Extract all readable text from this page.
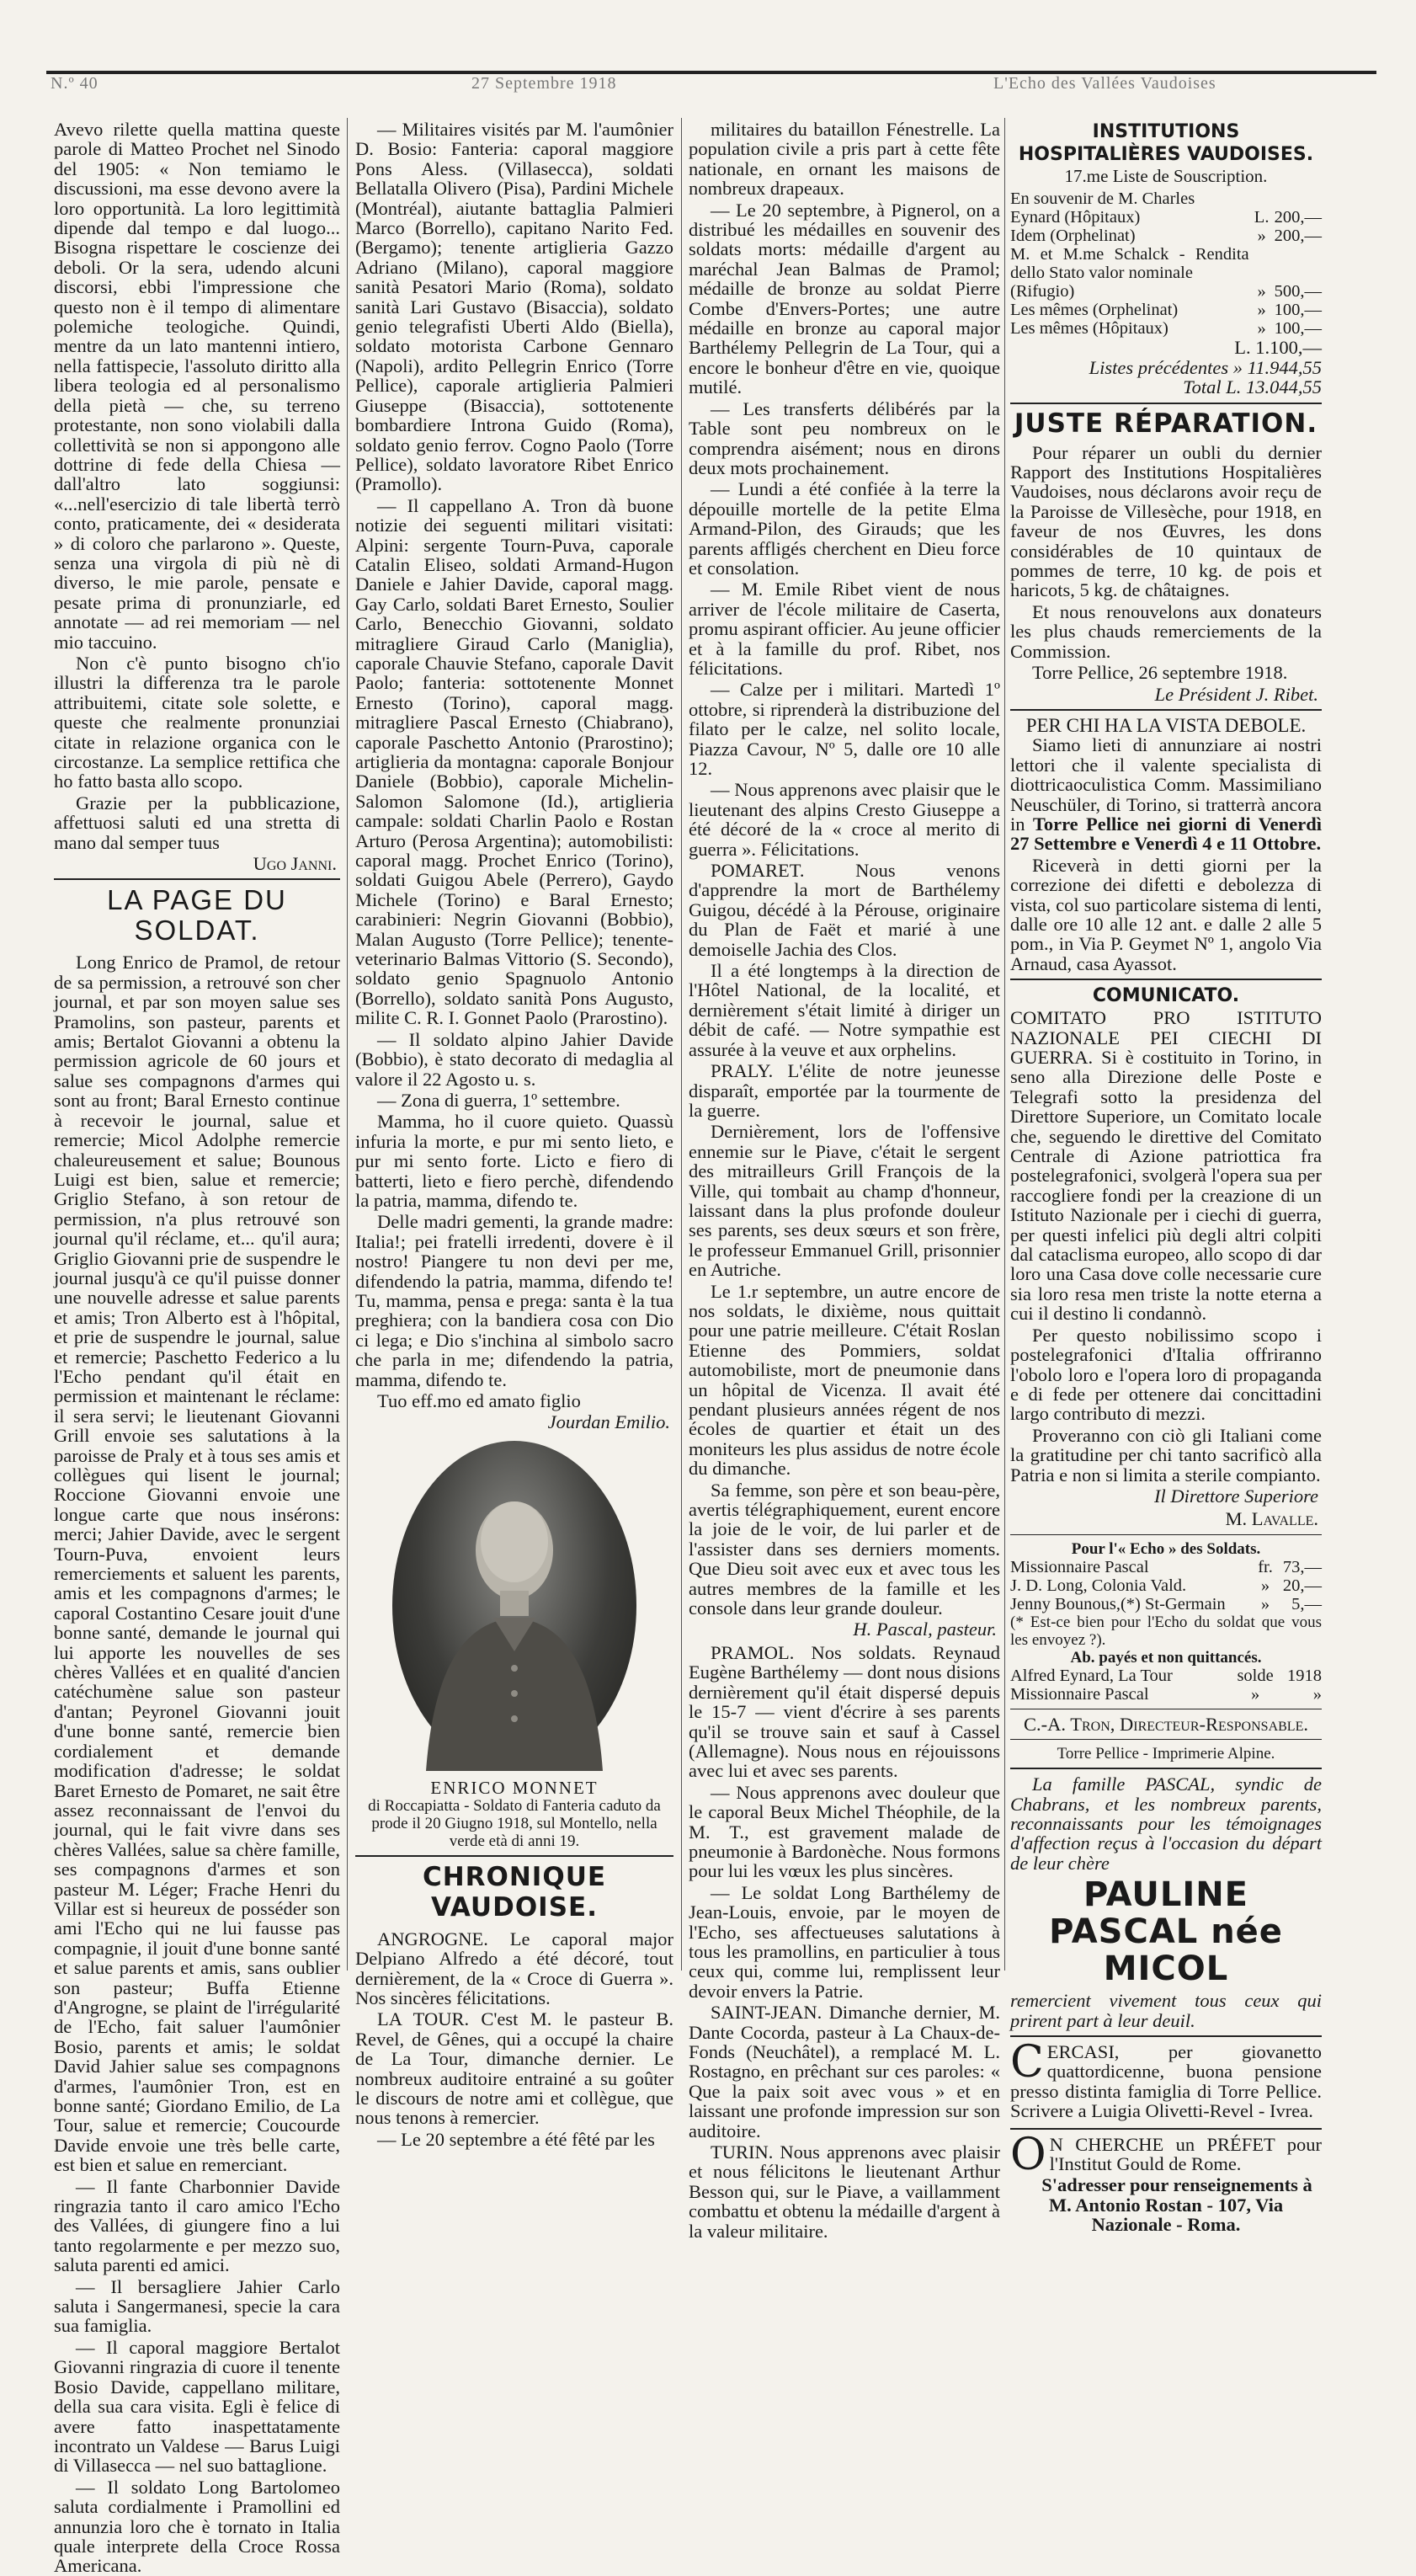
N.º 40	27 Septembre 1918	L'Echo des Vallées Vaudoises

Avevo rilette quella mattina queste parole di Matteo Prochet nel Sinodo del 1905: « Non temiamo le discussioni, ma esse devono avere la loro opportunità. La loro legittimità dipende dal tempo e dal luogo... Bisogna rispettare le coscienze dei deboli. Or la sera, udendo alcuni discorsi, ebbi l'impressione che questo non è il tempo di alimentare polemiche teologiche. Quindi, mentre da un lato mantenni intiero, nella fattispecie, l'assoluto diritto alla libera teologia ed al personalismo della pietà — che, su terreno protestante, non sono violabili dalla collettività se non si appongono alle dottrine di fede della Chiesa — dall'altro lato soggiunsi: «...nell'esercizio di tale libertà terrò conto, praticamente, dei « desiderata » di coloro che parlarono ». Queste, senza una virgola di più nè di diverso, le mie parole, pensate e pesate prima di pronunziarle, ed annotate — ad rei memoriam — nel mio taccuino.

Non c'è punto bisogno ch'io illustri la differenza tra le parole attribuitemi, citate sole solette, e queste che realmente pronunziai citate in relazione organica con le circostanze. La semplice rettifica che ho fatto basta allo scopo.

Grazie per la pubblicazione, affettuosi saluti ed una stretta di mano dal semper tuus

Ugo Janni.
LA PAGE DU SOLDAT.

Long Enrico de Pramol, de retour de sa permission, a retrouvé son cher journal, et par son moyen salue ses Pramolins, son pasteur, parents et amis; Bertalot Giovanni a obtenu la permission agricole de 60 jours et salue ses compagnons d'armes qui sont au front; Baral Ernesto continue à recevoir le journal, salue et remercie; Micol Adolphe remercie chaleureusement et salue; Bounous Luigi est bien, salue et remercie; Griglio Stefano, à son retour de permission, n'a plus retrouvé son journal qu'il réclame, et... qu'il aura; Griglio Giovanni prie de suspendre le journal jusqu'à ce qu'il puisse donner une nouvelle adresse et salue parents et amis; Tron Alberto est à l'hôpital, et prie de suspendre le journal, salue et remercie; Paschetto Federico a lu l'Echo pendant qu'il était en permission et maintenant le réclame: il sera servi; le lieutenant Giovanni Grill envoie ses salutations à la paroisse de Praly et à tous ses amis et collègues qui lisent le journal; Roccione Giovanni envoie une longue carte que nous insérons: merci; Jahier Davide, avec le sergent Tourn-Puva, envoient leurs remerciements et saluent les parents, amis et les compagnons d'armes; le caporal Costantino Cesare jouit d'une bonne santé, demande le journal qui lui apporte les nouvelles de ses chères Vallées et en qualité d'ancien catéchumène salue son pasteur d'antan; Peyronel Giovanni jouit d'une bonne santé, remercie bien cordialement et demande modification d'adresse; le soldat Baret Ernesto de Pomaret, ne sait être assez reconnaissant de l'envoi du journal, qui le fait vivre dans ses chères Vallées, salue sa chère famille, ses compagnons d'armes et son pasteur M. Léger; Frache Henri du Villar est si heureux de posséder son ami l'Echo qui ne lui fausse pas compagnie, il jouit d'une bonne santé et salue parents et amis, sans oublier son pasteur; Buffa Etienne d'Angrogne, se plaint de l'irrégularité de l'Echo, fait saluer l'aumônier Bosio, parents et amis; le soldat David Jahier salue ses compagnons d'armes, l'aumônier Tron, est en bonne santé; Giordano Emilio, de La Tour, salue et remercie; Coucourde Davide envoie une très belle carte, est bien et salue en remerciant.

— Il fante Charbonnier Davide ringrazia tanto il caro amico l'Echo des Vallées, di giungere fino a lui tanto regolarmente e per mezzo suo, saluta parenti ed amici.

— Il bersagliere Jahier Carlo saluta i Sangermanesi, specie la cara sua famiglia.

— Il caporal maggiore Bertalot Giovanni ringrazia di cuore il tenente Bosio Davide, cappellano militare, della sua cara visita. Egli è felice di avere fatto inaspettatamente incontrato un Valdese — Barus Luigi di Villasecca — nel suo battaglione.

— Il soldato Long Bartolomeo saluta cordialmente i Pramollini ed annunzia loro che è tornato in Italia quale interprete della Croce Rossa Americana.

— Militaires visités par M. l'aumônier D. Bosio: Fanteria: caporal maggiore Pons Aless. (Villasecca), soldati Bellatalla Olivero (Pisa), Pardini Michele (Montréal), aiutante battaglia Palmieri Marco (Borrello), capitano Narito Fed. (Bergamo); tenente artiglieria Gazzo Adriano (Milano), caporal maggiore sanità Pesatori Mario (Roma), soldato sanità Lari Gustavo (Bisaccia), soldato genio telegrafisti Uberti Aldo (Biella), soldato motorista Carbone Gennaro (Napoli), ardito Pellegrin Enrico (Torre Pellice), caporale artiglieria Palmieri Giuseppe (Bisaccia), sottotenente bombardiere Introna Guido (Roma), soldato genio ferrov. Cogno Paolo (Torre Pellice), soldato lavoratore Ribet Enrico (Pramollo).

— Il cappellano A. Tron dà buone notizie dei seguenti militari visitati: Alpini: sergente Tourn-Puva, caporale Catalin Eliseo, soldati Armand-Hugon Daniele e Jahier Davide, caporal magg. Gay Carlo, soldati Baret Ernesto, Soulier Carlo, Benecchio Giovanni, soldato mitragliere Giraud Carlo (Maniglia), caporale Chauvie Stefano, caporale Davit Paolo; fanteria: sottotenente Monnet Ernesto (Torino), caporal magg. mitragliere Pascal Ernesto (Chiabrano), caporale Paschetto Antonio (Prarostino); artiglieria da montagna: caporale Bonjour Daniele (Bobbio), caporale Michelin-Salomon Salomone (Id.), artiglieria campale: soldati Charlin Paolo e Rostan Arturo (Perosa Argentina); automobilisti: caporal magg. Prochet Enrico (Torino), soldati Guigou Abele (Perrero), Gaydo Michele (Torino) e Baral Ernesto; carabinieri: Negrin Giovanni (Bobbio), Malan Augusto (Torre Pellice); tenente-veterinario Balmas Vittorio (S. Secondo), soldato genio Spagnuolo Antonio (Borrello), soldato sanità Pons Augusto, milite C. R. I. Gonnet Paolo (Prarostino).

— Il soldato alpino Jahier Davide (Bobbio), è stato decorato di medaglia al valore il 22 Agosto u. s.

— Zona di guerra, 1º settembre.

Mamma, ho il cuore quieto. Quassù infuria la morte, e pur mi sento lieto, e pur mi sento forte. Licto e fiero di batterti, lieto e fiero perchè, difendendo la patria, mamma, difendo te.

Delle madri gementi, la grande madre: Italia!; pei fratelli irredenti, dovere è il nostro! Piangere tu non devi per me, difendendo la patria, mamma, difendo te! Tu, mamma, pensa e prega: santa è la tua preghiera; con la bandiera cosa con Dio ci lega; e Dio s'inchina al simbolo sacro che parla in me; difendendo la patria, mamma, difendo te.

Tuo eff.mo ed amato figlio

Jourdan Emilio.
ENRICO MONNET
di Roccapiatta - Soldato di Fanteria caduto da prode il 20 Giugno 1918, sul Montello, nella verde età di anni 19.
CHRONIQUE VAUDOISE.

ANGROGNE. Le caporal major Delpiano Alfredo a été décoré, tout dernièrement, de la « Croce di Guerra ». Nos sincères félicitations.

LA TOUR. C'est M. le pasteur B. Revel, de Gênes, qui a occupé la chaire de La Tour, dimanche dernier. Le nombreux auditoire entrainé a su goûter le discours de notre ami et collègue, que nous tenons à remercier.

— Le 20 septembre a été fêté par les

militaires du bataillon Fénestrelle. La population civile a pris part à cette fête nationale, en ornant les maisons de nombreux drapeaux.

— Le 20 septembre, à Pignerol, on a distribué les médailles en souvenir des soldats morts: médaille d'argent au maréchal Jean Balmas de Pramol; médaille de bronze au soldat Pierre Combe d'Envers-Portes; une autre médaille en bronze au caporal major Barthélemy Pellegrin de La Tour, qui a encore le bonheur d'être en vie, quoique mutilé.

— Les transferts délibérés par la Table sont peu nombreux on le comprendra aisément; nous en dirons deux mots prochainement.

— Lundi a été confiée à la terre la dépouille mortelle de la petite Elma Armand-Pilon, des Girauds; que les parents affligés cherchent en Dieu force et consolation.

— M. Emile Ribet vient de nous arriver de l'école militaire de Caserta, promu aspirant officier. Au jeune officier et à la famille du prof. Ribet, nos félicitations.

— Calze per i militari. Martedì 1º ottobre, si riprenderà la distribuzione del filato per le calze, nel solito locale, Piazza Cavour, Nº 5, dalle ore 10 alle 12.

— Nous apprenons avec plaisir que le lieutenant des alpins Cresto Giuseppe a été décoré de la « croce al merito di guerra ». Félicitations.

POMARET. Nous venons d'apprendre la mort de Barthélemy Guigou, décédé à la Pérouse, originaire du Plan de Faët et marié à une demoiselle Jachia des Clos.

Il a été longtemps à la direction de l'Hôtel National, de la localité, et dernièrement s'était limité à diriger un débit de café. — Notre sympathie est assurée à la veuve et aux orphelins.

PRALY. L'élite de notre jeunesse disparaît, emportée par la tourmente de la guerre.

Dernièrement, lors de l'offensive ennemie sur le Piave, c'était le sergent des mitrailleurs Grill François de la Ville, qui tombait au champ d'honneur, laissant dans la plus profonde douleur ses parents, ses deux sœurs et son frère, le professeur Emmanuel Grill, prisonnier en Autriche.

Le 1.r septembre, un autre encore de nos soldats, le dixième, nous quittait pour une patrie meilleure. C'était Roslan Etienne des Pommiers, soldat automobiliste, mort de pneumonie dans un hôpital de Vicenza. Il avait été pendant plusieurs années régent de nos écoles de quartier et était un des moniteurs les plus assidus de notre école du dimanche.

Sa femme, son père et son beau-père, avertis télégraphiquement, eurent encore la joie de le voir, de lui parler et de l'assister dans ses derniers moments. Que Dieu soit avec eux et avec tous les autres membres de la famille et les console dans leur grande douleur.

H. Pascal, pasteur.

PRAMOL. Nos soldats. Reynaud Eugène Barthélemy — dont nous disions dernièrement qu'il était dispersé depuis le 15-7 — vient d'écrire à ses parents qu'il se trouve sain et sauf à Cassel (Allemagne). Nous nous en réjouissons avec lui et avec ses parents.

— Nous apprenons avec douleur que le caporal Beux Michel Théophile, de la M. T., est gravement malade de pneumonie à Bardonèche. Nous formons pour lui les vœux les plus sincères.

— Le soldat Long Barthélemy de Jean-Louis, envoie, par le moyen de l'Echo, ses affectueuses salutations à tous les pramollins, en particulier à tous ceux qui, comme lui, remplissent leur devoir envers la Patrie.

SAINT-JEAN. Dimanche dernier, M. Dante Cocorda, pasteur à La Chaux-de-Fonds (Neuchâtel), a remplacé M. L. Rostagno, en prêchant sur ces paroles: « Que la paix soit avec vous » et en laissant une profonde impression sur son auditoire.

TURIN. Nous apprenons avec plaisir et nous félicitons le lieutenant Arthur Besson qui, sur le Piave, a vaillamment combattu et obtenu la médaille d'argent à la valeur militaire.

INSTITUTIONS
HOSPITALIÈRES VAUDOISES.
17.me Liste de Souscription.
En souvenir de M. Charles		
Eynard (Hôpitaux)	L.	200,—
Idem (Orphelinat)	»	200,—
M. et M.me Schalck - Rendita dello Stato valor nominale		
(Rifugio)	»	500,—
Les mêmes (Orphelinat)	»	100,—
Les mêmes (Hôpitaux)	»	100,—
L. 1.100,—
Listes précédentes » 11.944,55
Total L. 13.044,55
JUSTE RÉPARATION.

Pour réparer un oubli du dernier Rapport des Institutions Hospitalières Vaudoises, nous déclarons avoir reçu de la Paroisse de Villesèche, pour 1918, en faveur de nos Œuvres, les dons considérables de 10 quintaux de pommes de terre, 10 kg. de pois et haricots, 5 kg. de châtaignes.

Et nous renouvelons aux donateurs les plus chauds remerciements de la Commission.

Torre Pellice, 26 septembre 1918.

Le Président J. Ribet.
PER CHI HA LA VISTA DEBOLE.

Siamo lieti di annunziare ai nostri lettori che il valente specialista di diottricaoculistica Comm. Massimiliano Neuschüler, di Torino, si tratterrà ancora in Torre Pellice nei giorni di Venerdì 27 Settembre e Venerdì 4 e 11 Ottobre.

Riceverà in detti giorni per la correzione dei difetti e debolezza di vista, col suo particolare sistema di lenti, dalle ore 10 alle 12 ant. e dalle 2 alle 5 pom., in Via P. Geymet Nº 1, angolo Via Arnaud, casa Ayassot.

COMUNICATO.

COMITATO PRO ISTITUTO NAZIONALE PEI CIECHI DI GUERRA. Si è costituito in Torino, in seno alla Direzione delle Poste e Telegrafi sotto la presidenza del Direttore Superiore, un Comitato locale che, seguendo le direttive del Comitato Centrale di Azione patriottica fra postelegrafonici, svolgerà l'opera sua per raccogliere fondi per la creazione di un Istituto Nazionale per i ciechi di guerra, per questi infelici più degli altri colpiti dal cataclisma europeo, allo scopo di dar loro una Casa dove colle necessarie cure sia loro resa men triste la notte eterna a cui il destino li condannò.

Per questo nobilissimo scopo i postelegrafonici d'Italia offriranno l'obolo loro e l'opera loro di propaganda e di fede per ottenere dai concittadini largo contributo di mezzi.

Proveranno con ciò gli Italiani come la gratitudine per chi tanto sacrificò alla Patria e non si limita a sterile compianto.

Il Direttore Superiore
M. Lavalle.
Pour l'« Echo » des Soldats.
Missionnaire Pascal	fr.	73,—
J. D. Long, Colonia Vald.	»	20,—
Jenny Bounous,(*) St-Germain	»	5,—
(* Est-ce bien pour l'Echo du soldat que vous les envoyez ?).
Ab. payés et non quittancés.
Alfred Eynard, La Tour	solde	1918
Missionnaire Pascal	»	»
C.-A. Tron, Directeur-Responsable.
Torre Pellice - Imprimerie Alpine.

La famille PASCAL, syndic de Chabrans, et les nombreux parents, reconnaissants pour les témoignages d'affection reçus à l'occasion du départ de leur chère

PAULINE PASCAL née MICOL

remercient vivement tous ceux qui prirent part à leur deuil.

CERCASI, per giovanetto quattordicenne, buona pensione presso distinta famiglia di Torre Pellice. Scrivere a Luigia Olivetti-Revel - Ivrea.

O N CHERCHE un PRÉFET pour l'Institut Gould de Rome.

S'adresser pour renseignements à M. Antonio Rostan - 107, Via Nazionale - Roma.
